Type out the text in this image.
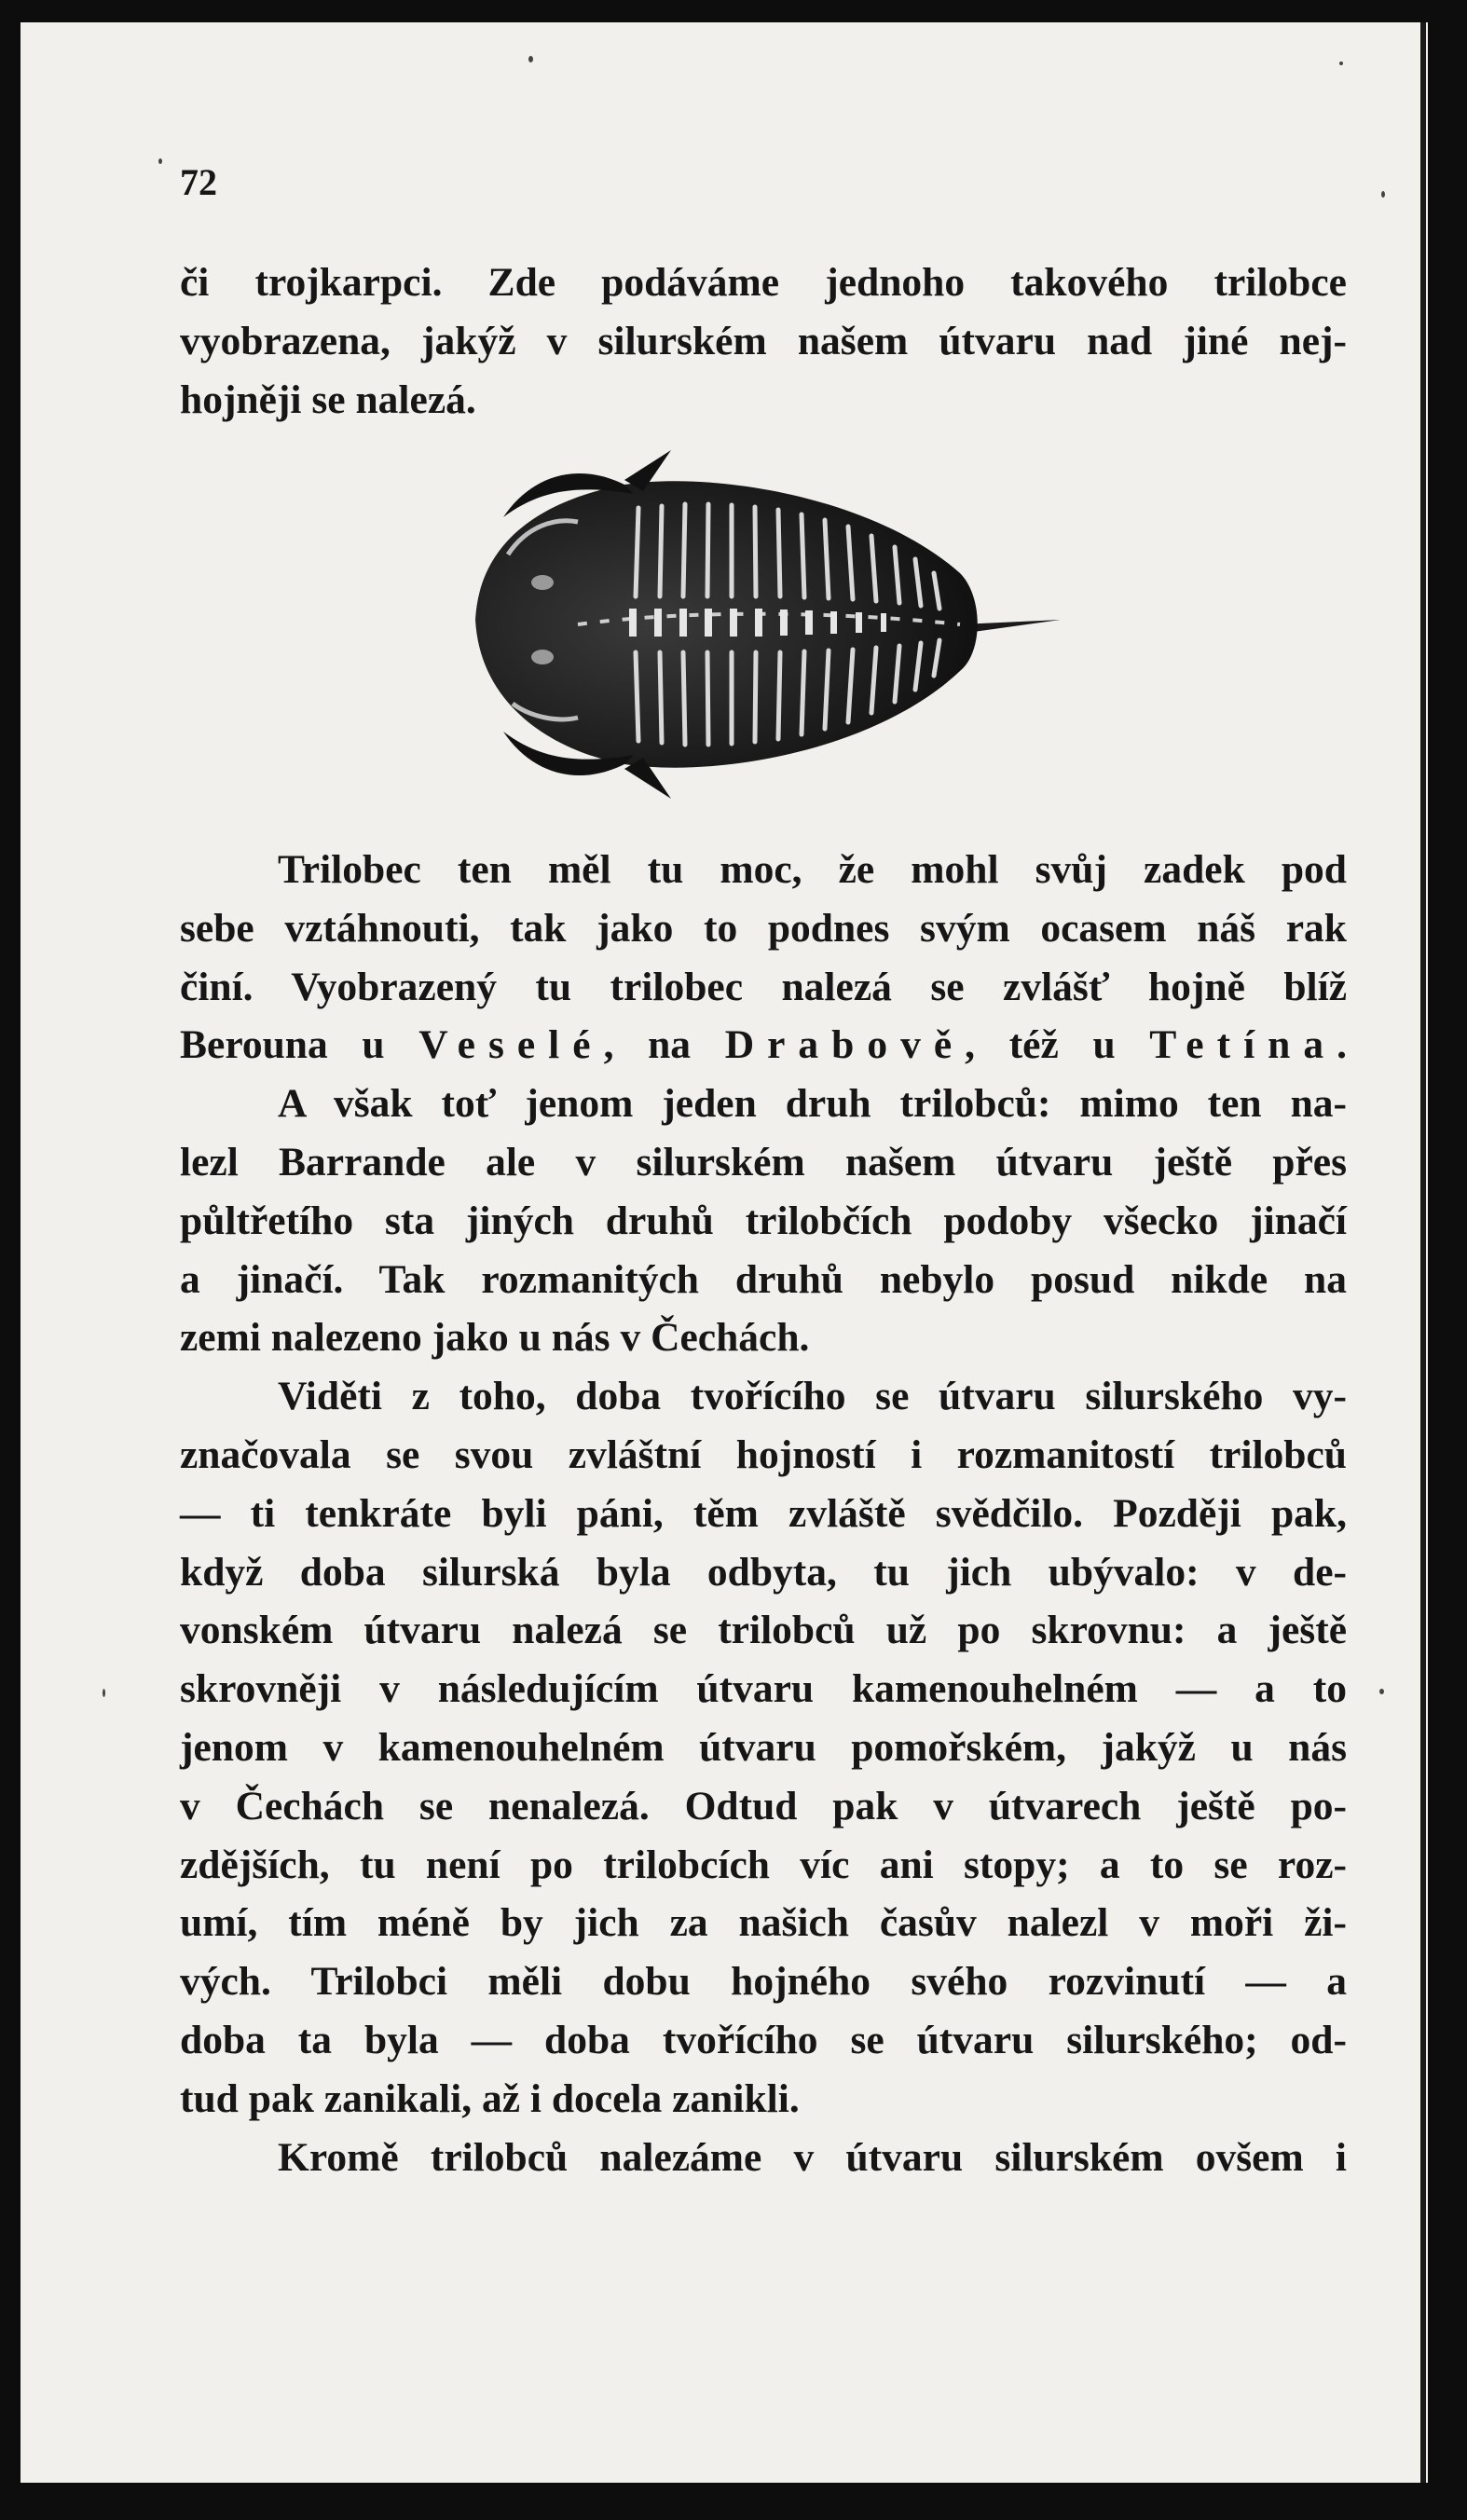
72
či trojkarpci. Zde podáváme jednoho takového trilobce
vyobrazena, jakýž v silurském našem útvaru nad jiné nej-
hojněji se nalezá.
Trilobec ten měl tu moc, že mohl svůj zadek pod
sebe vztáhnouti, tak jako to podnes svým ocasem náš rak
činí. Vyobrazený tu trilobec nalezá se zvlášť hojně blíž
Berouna u Veselé, na Drabově, též u Tetína.
A však toť jenom jeden druh trilobců: mimo ten na-
lezl Barrande ale v silurském našem útvaru ještě přes
půltřetího sta jiných druhů trilobčích podoby všecko jinačí
a jinačí. Tak rozmanitých druhů nebylo posud nikde na
zemi nalezeno jako u nás v Čechách.
Viděti z toho, doba tvořícího se útvaru silurského vy-
značovala se svou zvláštní hojností i rozmanitostí trilobců
— ti tenkráte byli páni, těm zvláště svědčilo. Později pak,
když doba silurská byla odbyta, tu jich ubývalo: v de-
vonském útvaru nalezá se trilobců už po skrovnu: a ještě
skrovněji v následujícím útvaru kamenouhelném — a to
jenom v kamenouhelném útvaru pomořském, jakýž u nás
v Čechách se nenalezá. Odtud pak v útvarech ještě po-
zdějších, tu není po trilobcích víc ani stopy; a to se roz-
umí, tím méně by jich za našich časův nalezl v moři ži-
vých. Trilobci měli dobu hojného svého rozvinutí — a
doba ta byla — doba tvořícího se útvaru silurského; od-
tud pak zanikali, až i docela zanikli.
Kromě trilobců nalezáme v útvaru silurském ovšem i
